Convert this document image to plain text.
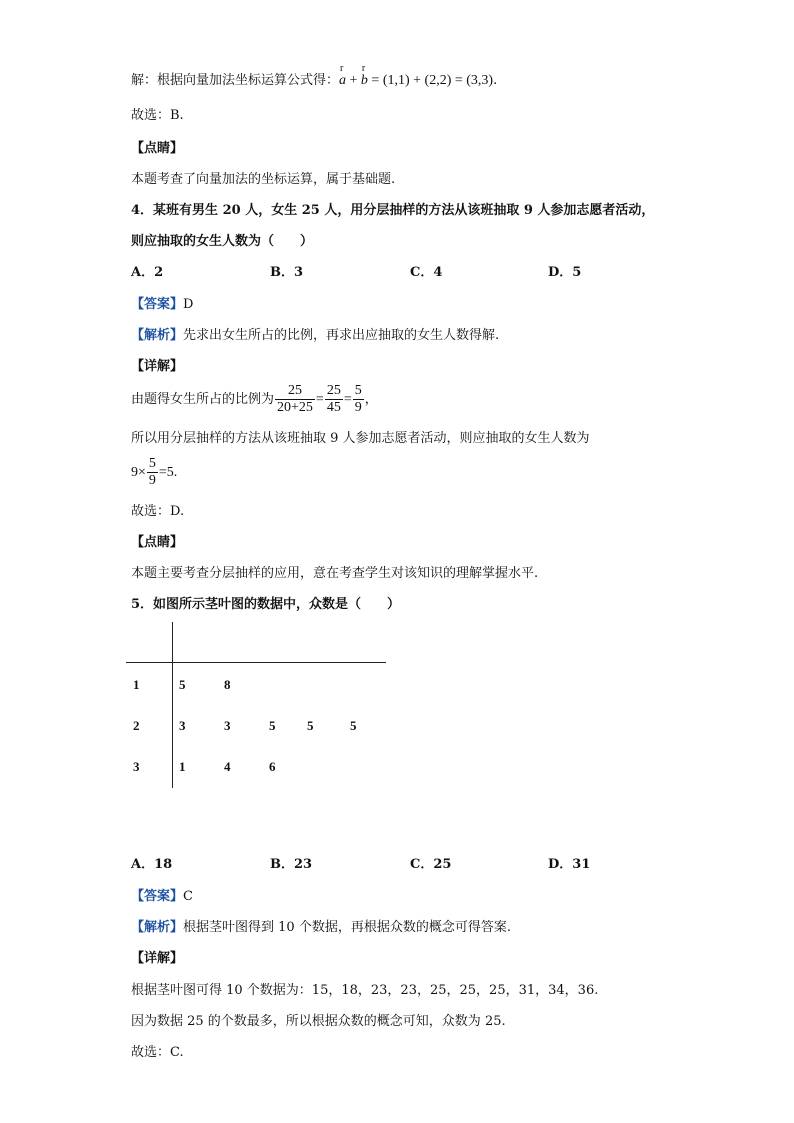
解：根据向量加法坐标运算公式得：
r
a +
r
b = (1,1) + (2,2) = (3,3).
故选：B.
【点睛】
本题考查了向量加法的坐标运算，属于基础题.
4．某班有男生 20 人，女生 25 人，用分层抽样的方法从该班抽取 9 人参加志愿者活动，
则应抽取的女生人数为（　　）
A．2	B．3	C．4	D．5
【答案】D
【解析】先求出女生所占的比例，再求出应抽取的女生人数得解.
【详解】
由题得女生所占的比例为 $\frac{25}{20+25} = \frac{25}{45} = \frac{5}{9}$ ，
所以用分层抽样的方法从该班抽取 9 人参加志愿者活动，则应抽取的女生人数为
$9\times \frac{5}{9} =5$.
故选：D.
【点睛】
本题主要考查分层抽样的应用，意在考查学生对该知识的理解掌握水平.
5．如图所示茎叶图的数据中，众数是（　　）
1	5	8
2	3	3	5 5	5
3	1	4	6
A．18	B．23	C．25	D．31
【答案】C
【解析】根据茎叶图得到 10 个数据，再根据众数的概念可得答案.
【详解】
根据茎叶图可得 10 个数据为：15，18，23，23，25，25，25，31，34，36.
因为数据 25 的个数最多，所以根据众数的概念可知，众数为 25.
故选：C.
